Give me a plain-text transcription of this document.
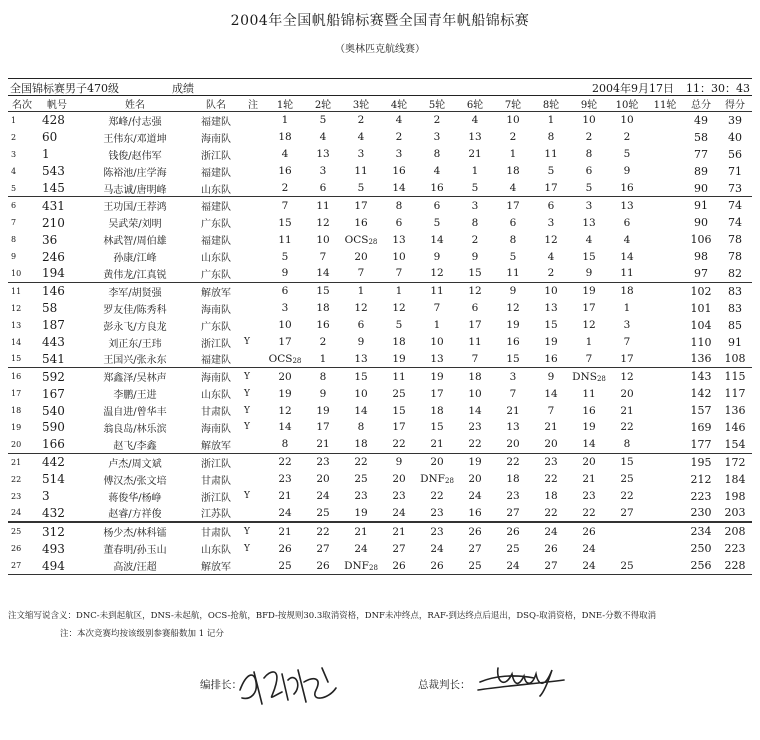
2004年全国帆船锦标赛暨全国青年帆船锦标赛
（奥林匹克航线赛）
全国锦标赛男子470级	成绩	2004年9月17日 11：30：43
名次	帆号	姓名	队名	注	1轮	2轮	3轮	4轮	5轮	6轮	7轮	8轮	9轮	10轮	11轮	总分	得分
1	428	郑峰/付志强	福建队		1	5	2	4	2	4	10	1	10	10		49	39
2	60	王伟东/邓道坤	海南队		18	4	4	2	3	13	2	8	2	2		58	40
3	1	钱俊/赵伟军	浙江队		4	13	3	3	8	21	1	11	8	5		77	56
4	543	陈裕池/庄学海	福建队		16	3	11	16	4	1	18	5	6	9		89	71
5	145	马志诚/唐明峰	山东队		2	6	5	14	16	5	4	17	5	16		90	73
6	431	王功国/王荐鸿	福建队		7	11	17	8	6	3	17	6	3	13		91	74
7	210	吴武荣/刘明	广东队		15	12	16	6	5	8	6	3	13	6		90	74
8	36	林武智/周伯雄	福建队		11	10	$OCS_{28}$	13	14	2	8	12	4	4		106	78
9	246	孙康/江峰	山东队		5	7	20	10	9	9	5	4	15	14		98	78
10	194	黄伟龙/江真锐	广东队		9	14	7	7	12	15	11	2	9	11		97	82
11	146	李军/胡贤强	解放军		6	15	1	1	11	12	9	10	19	18		102	83
12	58	罗友佳/陈秀科	海南队		3	18	12	12	7	6	12	13	17	1		101	83
13	187	彭永飞/方良龙	广东队		10	16	6	5	1	17	19	15	12	3		104	85
14	443	刘正东/王玮	浙江队	Y	17	2	9	18	10	11	16	19	1	7		110	91
15	541	王国兴/张永东	福建队		$OCS_{28}$	1	13	19	13	7	15	16	7	17		136	108
16	592	郑鑫泽/吴林声	海南队	Y	20	8	15	11	19	18	3	9	$DNS_{28}$	12		143	115
17	167	李鹏/王进	山东队	Y	19	9	10	25	17	10	7	14	11	20		142	117
18	540	温自进/曾华丰	甘肃队	Y	12	19	14	15	18	14	21	7	16	21		157	136
19	590	翁良岛/林乐滨	海南队	Y	14	17	8	17	15	23	13	21	19	22		169	146
20	166	赵飞/李鑫	解放军		8	21	18	22	21	22	20	20	14	8		177	154
21	442	卢杰/周文斌	浙江队		22	23	22	9	20	19	22	23	20	15		195	172
22	514	傅汉杰/张文培	甘肃队		23	20	25	20	$DNF_{28}$	20	18	22	21	25		212	184
23	3	蒋俊华/杨峥	浙江队	Y	21	24	23	23	22	24	23	18	23	22		223	198
24	432	赵睿/方祥俊	江苏队		24	25	19	24	23	16	27	22	22	27		230	203
25	312	杨少杰/林科镭	甘肃队	Y	21	22	21	21	23	26	26	24	26			234	208
26	493	董春明/孙玉山	山东队	Y	26	27	24	27	24	27	25	26	24			250	223
27	494	高波/汪超	解放军		25	26	$DNF_{28}$	26	26	25	24	27	24	25		256	228
注文缩写说含义：DNC-未到起航区，DNS-未起航，OCS-抢航，BFD-按规则30.3取消资格，DNF未冲终点，RAF-到达终点后退出，DSQ-取消资格，DNE-分数不得取消
注：本次竞赛均按该级别参赛船数加 1 记分
编排长：	总裁判长：
